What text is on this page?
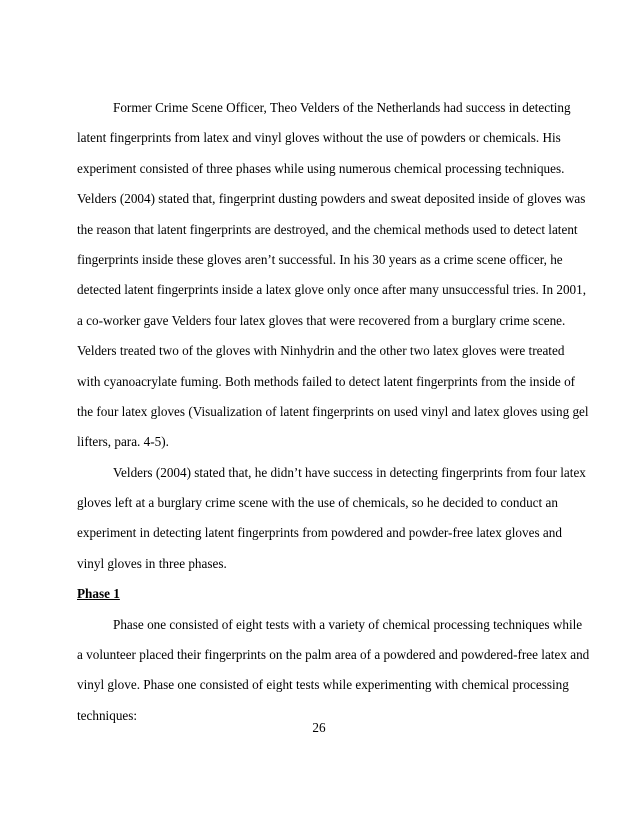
Former Crime Scene Officer, Theo Velders of the Netherlands had success in detecting
latent fingerprints from latex and vinyl gloves without the use of powders or chemicals. His
experiment consisted of three phases while using numerous chemical processing techniques.
Velders (2004) stated that, fingerprint dusting powders and sweat deposited inside of gloves was
the reason that latent fingerprints are destroyed, and the chemical methods used to detect latent
fingerprints inside these gloves aren’t successful. In his 30 years as a crime scene officer, he
detected latent fingerprints inside a latex glove only once after many unsuccessful tries. In 2001,
a co-worker gave Velders four latex gloves that were recovered from a burglary crime scene.
Velders treated two of the gloves with Ninhydrin and the other two latex gloves were treated
with cyanoacrylate fuming. Both methods failed to detect latent fingerprints from the inside of
the four latex gloves (Visualization of latent fingerprints on used vinyl and latex gloves using gel
lifters, para. 4-5).
Velders (2004) stated that, he didn’t have success in detecting fingerprints from four latex
gloves left at a burglary crime scene with the use of chemicals, so he decided to conduct an
experiment in detecting latent fingerprints from powdered and powder-free latex gloves and
vinyl gloves in three phases.
Phase 1
Phase one consisted of eight tests with a variety of chemical processing techniques while
a volunteer placed their fingerprints on the palm area of a powdered and powdered-free latex and
vinyl glove. Phase one consisted of eight tests while experimenting with chemical processing
techniques:
26
